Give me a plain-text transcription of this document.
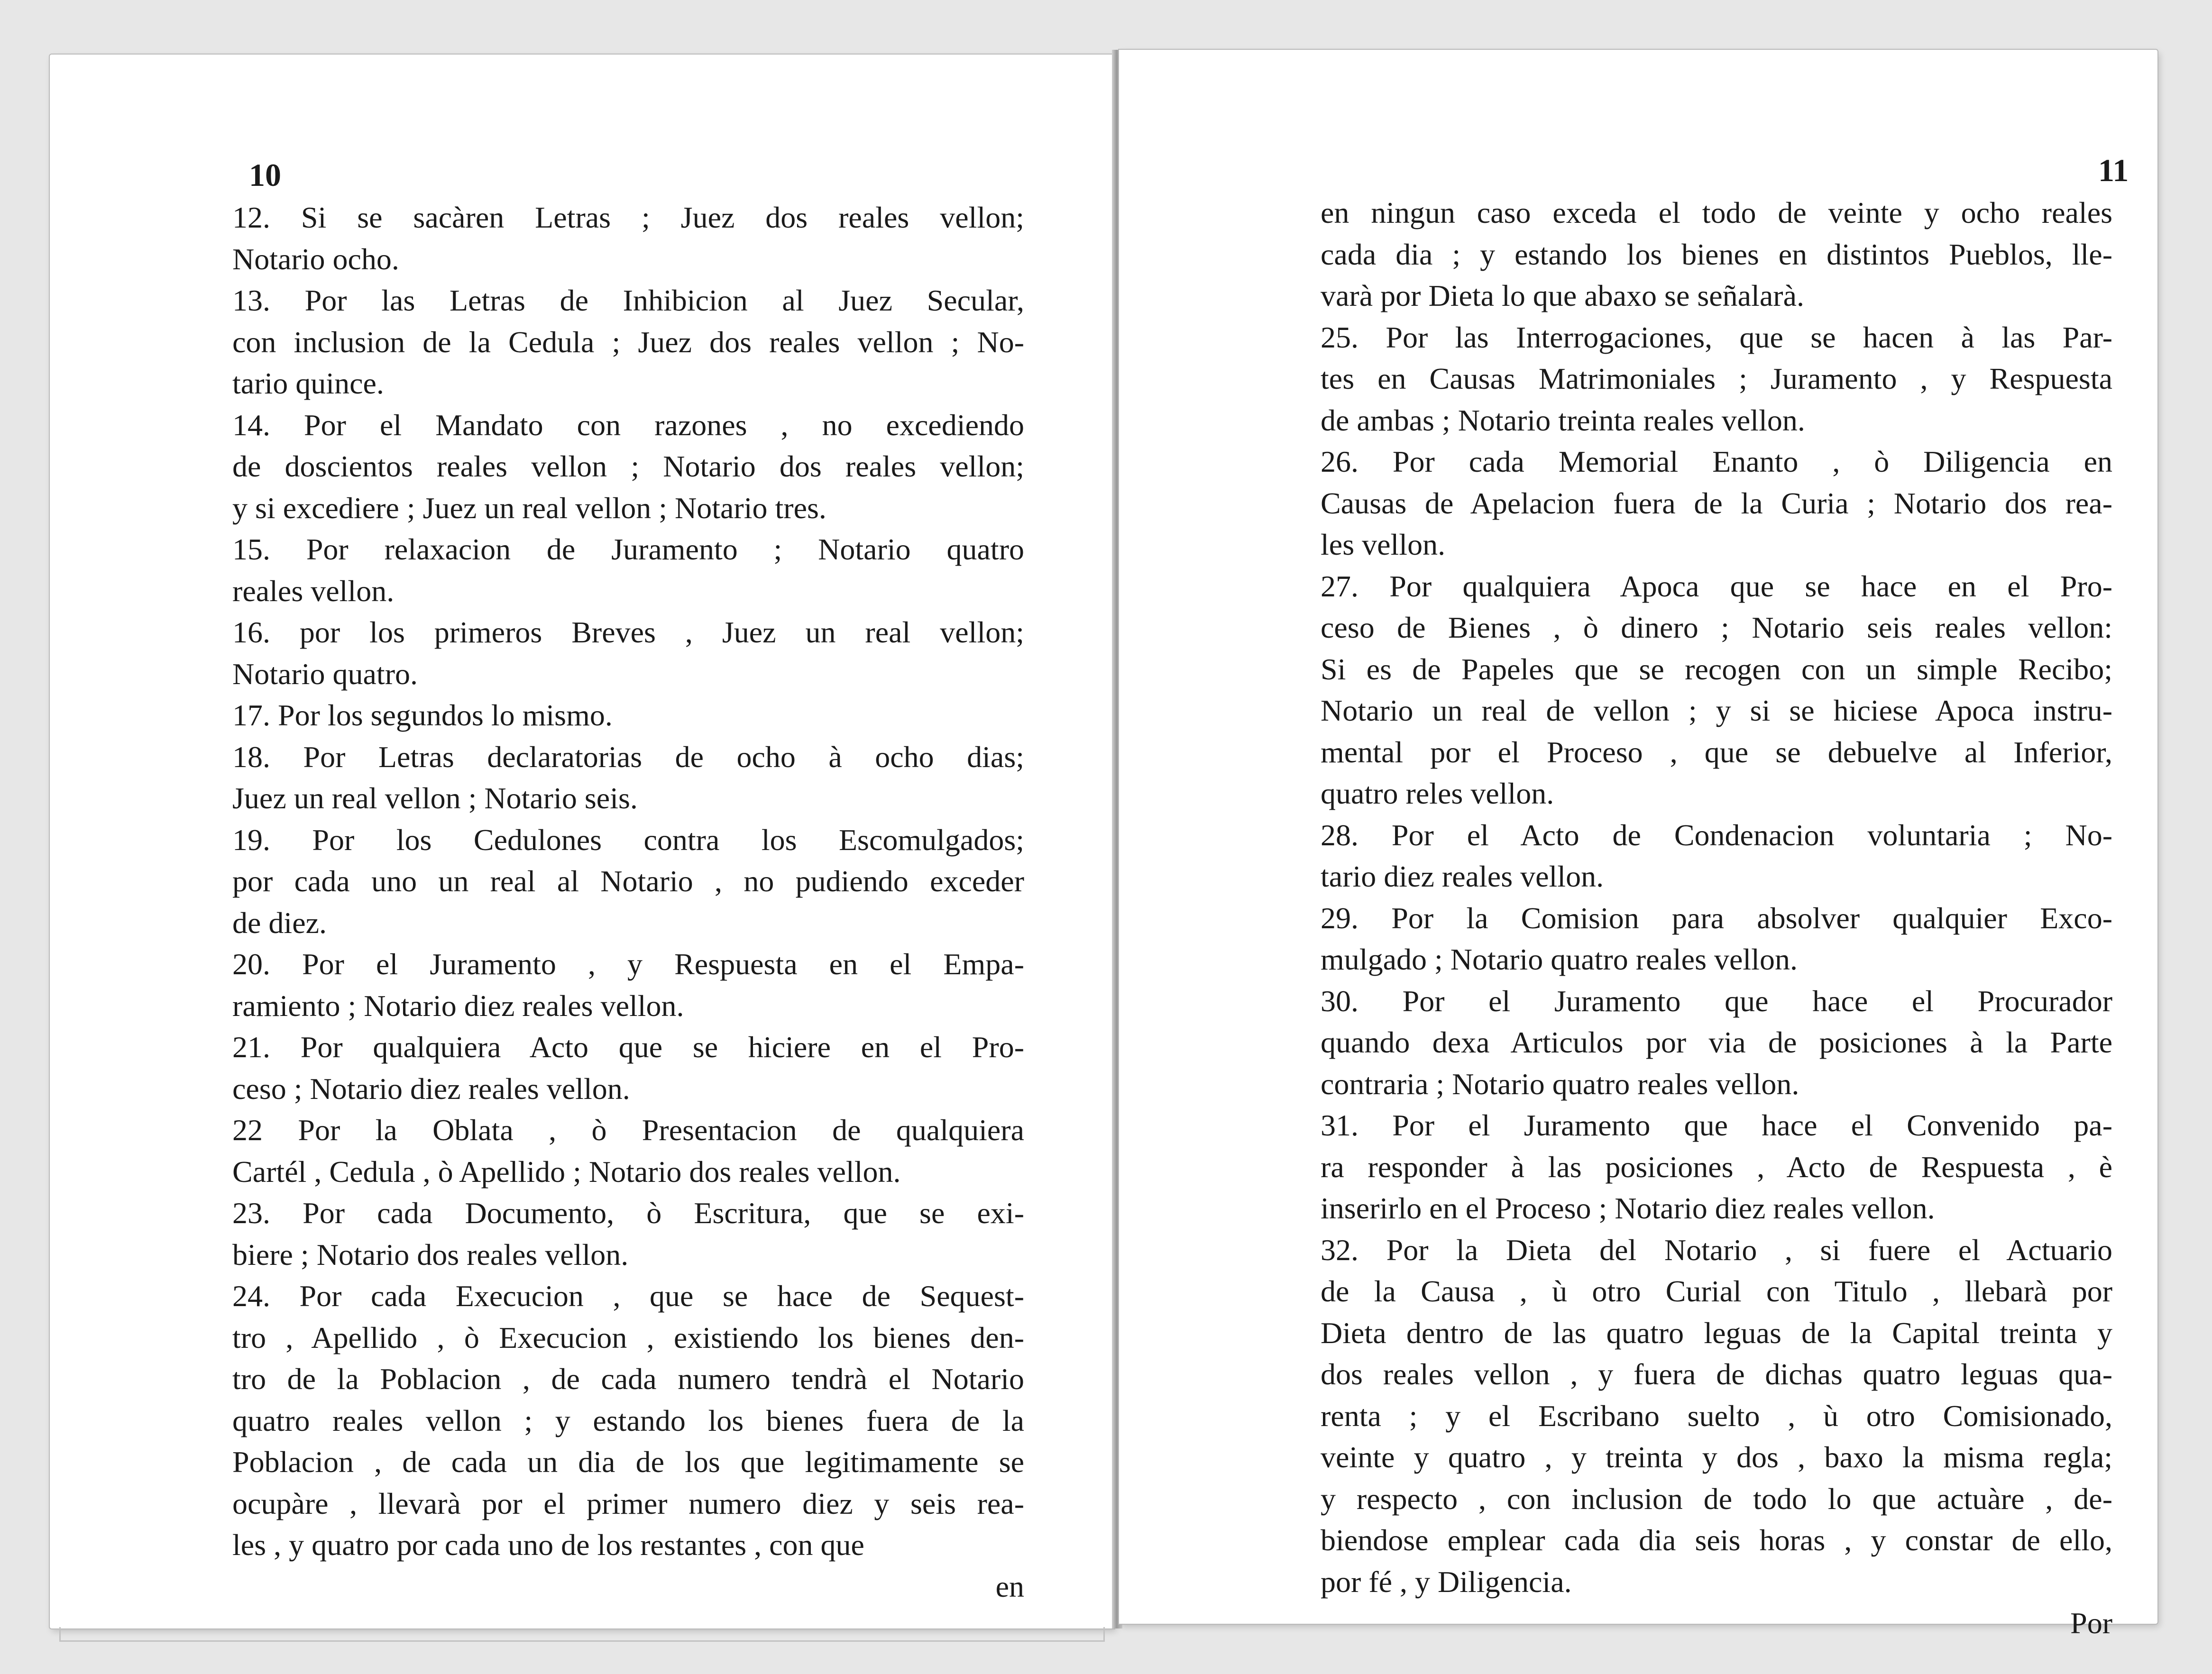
10
12. Si se sacàren Letras ; Juez dos reales vellon;
Notario ocho.
13. Por las Letras de Inhibicion al Juez Secular,
con inclusion de la Cedula ; Juez dos reales vellon ; No-
tario quince.
14. Por el Mandato con razones , no excediendo
de doscientos reales vellon ; Notario dos reales vellon;
y si excediere ; Juez un real vellon ; Notario tres.
15. Por relaxacion de Juramento ; Notario quatro
reales vellon.
16. por los primeros Breves , Juez un real vellon;
Notario quatro.
17. Por los segundos lo mismo.
18. Por Letras declaratorias de ocho à ocho dias;
Juez un real vellon ; Notario seis.
19. Por los Cedulones contra los Escomulgados;
por cada uno un real al Notario , no pudiendo exceder
de diez.
20. Por el Juramento , y Respuesta en el Empa-
ramiento ; Notario diez reales vellon.
21. Por qualquiera Acto que se hiciere en el Pro-
ceso ; Notario diez reales vellon.
22 Por la Oblata , ò Presentacion de qualquiera
Cartél , Cedula , ò Apellido ; Notario dos reales vellon.
23. Por cada Documento, ò Escritura, que se exi-
biere ; Notario dos reales vellon.
24. Por cada Execucion , que se hace de Sequest-
tro , Apellido , ò Execucion , existiendo los bienes den-
tro de la Poblacion , de cada numero tendrà el Notario
quatro reales vellon ; y estando los bienes fuera de la
Poblacion , de cada un dia de los que legitimamente se
ocupàre , llevarà por el primer numero diez y seis rea-
les , y quatro por cada uno de los restantes , con que
en
11
en ningun caso exceda el todo de veinte y ocho reales
cada dia ; y estando los bienes en distintos Pueblos, lle-
varà por Dieta lo que abaxo se señalarà.
25. Por las Interrogaciones, que se hacen à las Par-
tes en Causas Matrimoniales ; Juramento , y Respuesta
de ambas ; Notario treinta reales vellon.
26. Por cada Memorial Enanto , ò Diligencia en
Causas de Apelacion fuera de la Curia ; Notario dos rea-
les vellon.
27. Por qualquiera Apoca que se hace en el Pro-
ceso de Bienes , ò dinero ; Notario seis reales vellon:
Si es de Papeles que se recogen con un simple Recibo;
Notario un real de vellon ; y si se hiciese Apoca instru-
mental por el Proceso , que se debuelve al Inferior,
quatro reles vellon.
28. Por el Acto de Condenacion voluntaria ; No-
tario diez reales vellon.
29. Por la Comision para absolver qualquier Exco-
mulgado ; Notario quatro reales vellon.
30. Por el Juramento que hace el Procurador
quando dexa Articulos por via de posiciones à la Parte
contraria ; Notario quatro reales vellon.
31. Por el Juramento que hace el Convenido pa-
ra responder à las posiciones , Acto de Respuesta , è
inserirlo en el Proceso ; Notario diez reales vellon.
32. Por la Dieta del Notario , si fuere el Actuario
de la Causa , ù otro Curial con Titulo , llebarà por
Dieta dentro de las quatro leguas de la Capital treinta y
dos reales vellon , y fuera de dichas quatro leguas qua-
renta ; y el Escribano suelto , ù otro Comisionado,
veinte y quatro , y treinta y dos , baxo la misma regla;
y respecto , con inclusion de todo lo que actuàre , de-
biendose emplear cada dia seis horas , y constar de ello,
por fé , y Diligencia.
Por
